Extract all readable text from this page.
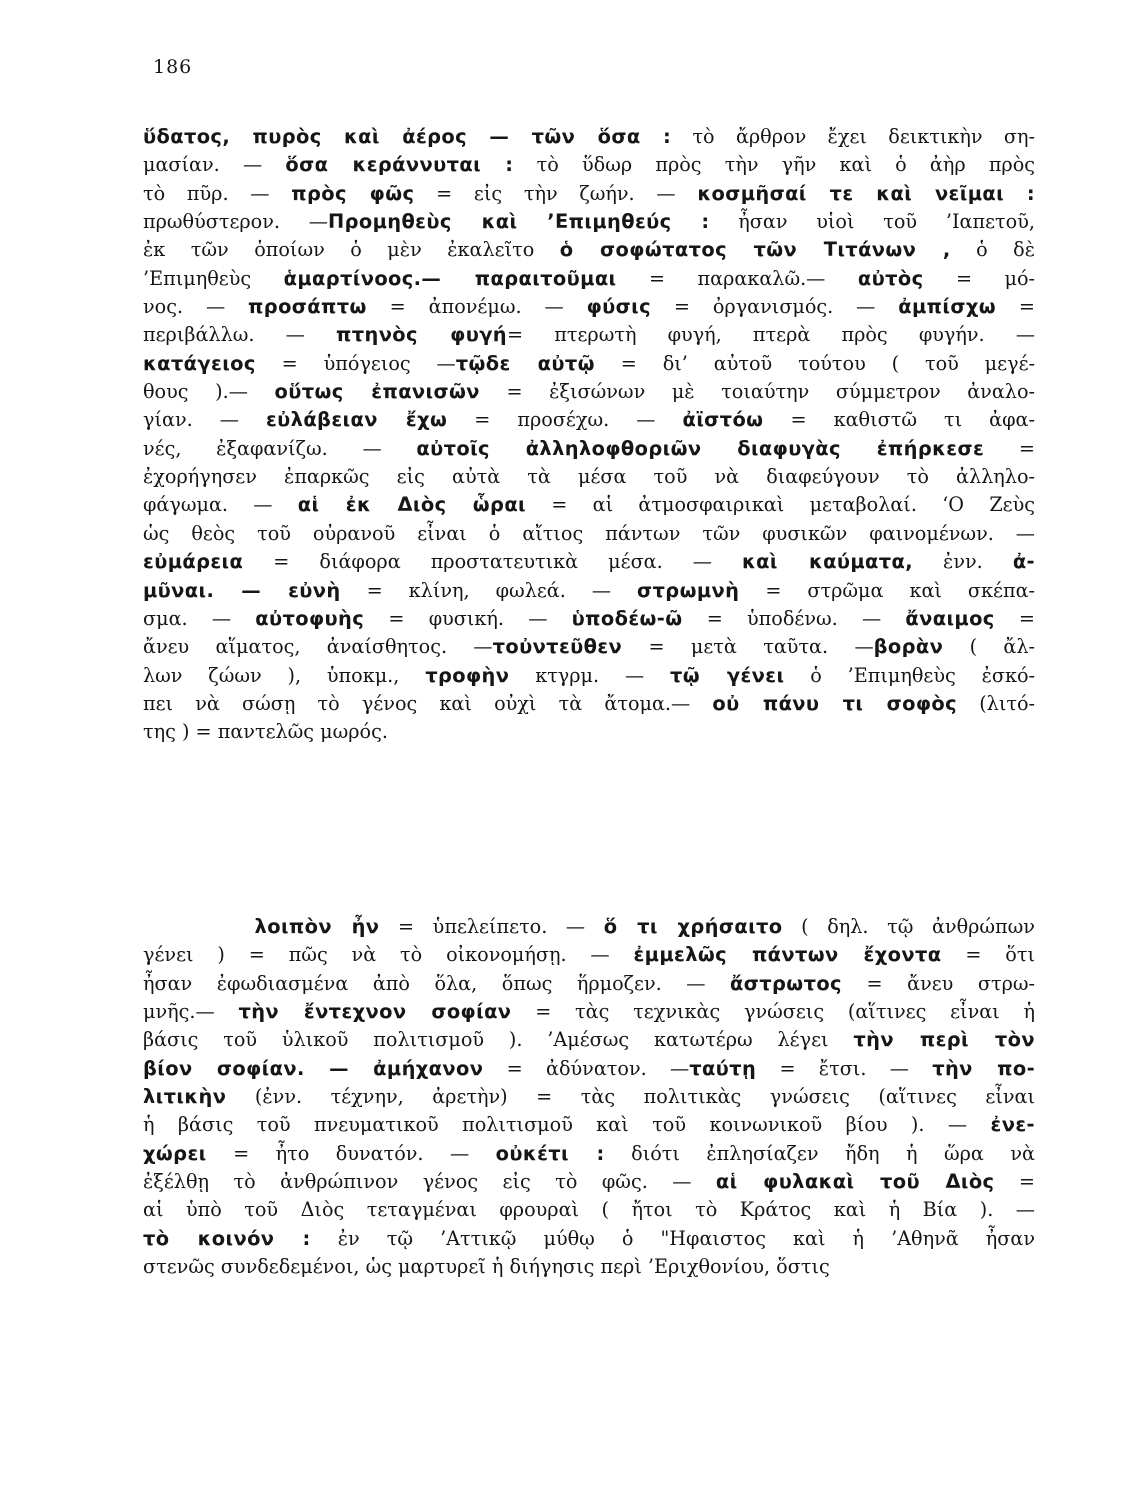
186
ὕδατος, πυρὸς καὶ ἀέρος — τῶν ὅσα : τὸ ἄρθρον ἔχει δεικτικὴν ση-
μασίαν. — ὅσα κεράννυται : τὸ ὕδωρ πρὸς τὴν γῆν καὶ ὁ ἀὴρ πρὸς
τὸ πῦρ. — πρὸς φῶς = εἰς τὴν ζωήν. — κοσμῆσαί τε καὶ νεῖμαι :
πρωθύστερον. —Προμηθεὺς καὶ ’Επιμηθεύς : ἦσαν υἱοὶ τοῦ ’Ιαπετοῦ,
ἐκ τῶν ὁποίων ὁ μὲν ἐκαλεῖτο ὁ σοφώτατος τῶν Τιτάνων , ὁ δὲ
’Επιμηθεὺς ἁμαρτίνοος.— παραιτοῦμαι = παρακαλῶ.— αὐτὸς = μό-
νος. — προσάπτω = ἀπονέμω. — φύσις = ὀργανισμός. — ἀμπίσχω =
περιβάλλω. — πτηνὸς φυγή= πτερωτὴ φυγή, πτερὰ πρὸς φυγήν. —
κατάγειος = ὑπόγειος —τῷδε αὐτῷ = δι’ αὐτοῦ τούτου ( τοῦ μεγέ-
θους ).— οὕτως ἐπανισῶν = ἐξισώνων μὲ τοιαύτην σύμμετρον ἀναλο-
γίαν. — εὐλάβειαν ἔχω = προσέχω. — ἀϊστόω = καθιστῶ τι ἀφα-
νές, ἐξαφανίζω. — αὐτοῖς ἀλληλοφθοριῶν διαφυγὰς ἐπήρκεσε =
ἐχορήγησεν ἐπαρκῶς εἰς αὐτὰ τὰ μέσα τοῦ νὰ διαφεύγουν τὸ ἀλληλο-
φάγωμα. — αἱ ἐκ Διὸς ὧραι = αἱ ἀτμοσφαιρικαὶ μεταβολαί. ‘Ο Ζεὺς
ὡς θεὸς τοῦ οὐρανοῦ εἶναι ὁ αἴτιος πάντων τῶν φυσικῶν φαινομένων. —
εὐμάρεια = διάφορα προστατευτικὰ μέσα. — καὶ καύματα, ἐνν. ἀ-
μῦναι. — εὐνὴ = κλίνη, φωλεά. — στρωμνὴ = στρῶμα καὶ σκέπα-
σμα. — αὐτοφυὴς = φυσική. — ὑποδέω-ῶ = ὑποδένω. — ἄναιμος =
ἄνευ αἵματος, ἀναίσθητος. —τοὐντεῦθεν = μετὰ ταῦτα. —βορὰν ( ἄλ-
λων ζώων ), ὑποκμ., τροφὴν κτγρμ. — τῷ γένει ὁ ’Επιμηθεὺς ἐσκό-
πει νὰ σώσῃ τὸ γένος καὶ οὐχὶ τὰ ἄτομα.— οὐ πάνυ τι σοφὸς (λιτό-
της ) = παντελῶς μωρός.
λοιπὸν ἦν = ὑπελείπετο. — ὅ τι χρήσαιτο ( δηλ. τῷ ἀνθρώπων
γένει ) = πῶς νὰ τὸ οἰκονομήσῃ. — ἐμμελῶς πάντων ἔχοντα = ὅτι
ἦσαν ἐφωδιασμένα ἀπὸ ὅλα, ὅπως ἥρμοζεν. — ἄστρωτος = ἄνευ στρω-
μνῆς.— τὴν ἔντεχνον σοφίαν = τὰς τεχνικὰς γνώσεις (αἵτινες εἶναι ἡ
βάσις τοῦ ὑλικοῦ πολιτισμοῦ ). ’Αμέσως κατωτέρω λέγει τὴν περὶ τὸν
βίον σοφίαν. — ἀμήχανον = ἀδύνατον. —ταύτῃ = ἔτσι. — τὴν πο-
λιτικὴν (ἐνν. τέχνην, ἀρετὴν) = τὰς πολιτικὰς γνώσεις (αἵτινες εἶναι
ἡ βάσις τοῦ πνευματικοῦ πολιτισμοῦ καὶ τοῦ κοινωνικοῦ βίου ). — ἐνε-
χώρει = ἦτο δυνατόν. — οὐκέτι : διότι ἐπλησίαζεν ἤδη ἡ ὥρα νὰ
ἐξέλθῃ τὸ ἀνθρώπινον γένος εἰς τὸ φῶς. — αἱ φυλακαὶ τοῦ Διὸς =
αἱ ὑπὸ τοῦ Διὸς τεταγμέναι φρουραὶ ( ἤτοι τὸ Κράτος καὶ ἡ Βία ). —
τὸ κοινόν : ἐν τῷ ’Αττικῷ μύθῳ ὁ "Ηφαιστος καὶ ἡ ’Αθηνᾶ ἦσαν
στενῶς συνδεδεμένοι, ὡς μαρτυρεῖ ἡ διήγησις περὶ ’Εριχθονίου, ὅστις
